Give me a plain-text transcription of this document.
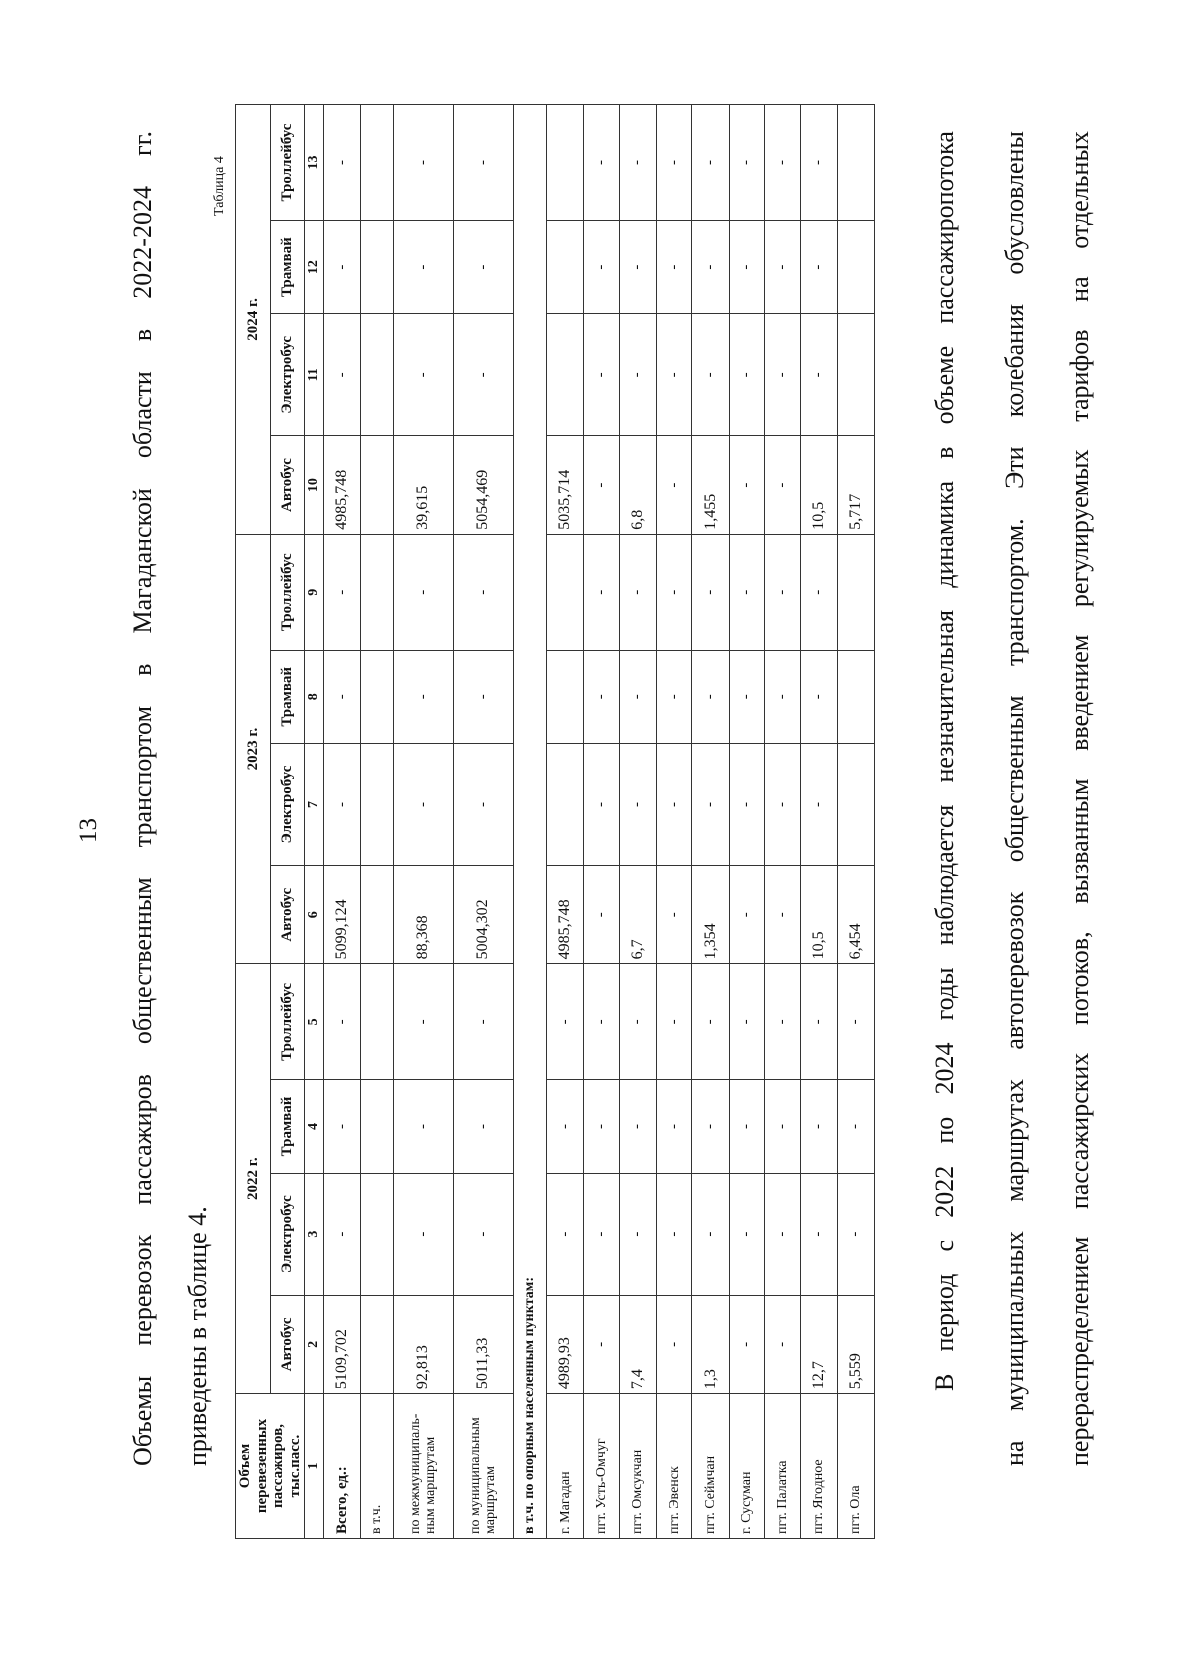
13
Объемы
перевозок
пассажиров
общественным
транспортом
в
Магаданской
области
в
2022-2024
гг.
приведены в таблице 4.
Таблица 4
Объем перевезенных пассажиров, тыс.пасс.	2022 г.				2023 г.				2024 г.			
	Автобус	Электробус	Трамвай	Троллейбус	Автобус	Электробус	Трамвай	Троллейбус	Автобус	Электробус	Трамвай	Троллейбус
1	2	3	4	5	6	7	8	9	10	11	12	13
Всего, ед.:	5109,702	-	-	-	5099,124	-	-	-	4985,748	-	-	-
в т.ч.												
по межмуниципаль-ным маршрутам	92,813	-	-	-	88,368	-	-	-	39,615	-	-	-
по муниципальным маршрутам	5011,33	-	-	-	5004,302	-	-	-	5054,469	-	-	-
в т.ч. по опорным населенным пунктам:												
г. Магадан	4989,93	-	-	-	4985,748				5035,714			
пгт. Усть-Омчуг	-	-	-	-	-	-	-	-	-	-	-	-
пгт. Омсукчан	7,4	-	-	-	6,7	-	-	-	6,8	-	-	-
пгт. Эвенск	-	-	-	-	-	-	-	-	-	-	-	-
пгт. Сеймчан	1,3	-	-	-	1,354	-	-	-	1,455	-	-	-
г. Сусуман	-	-	-	-	-	-	-	-	-	-	-	-
пгт. Палатка	-	-	-	-	-	-	-	-	-	-	-	-
пгт. Ягодное	12,7	-	-	-	10,5	-	-	-	10,5	-	-	-
пгт. Ола	5,559	-	-	-	6,454				5,717			
В
период
с
2022
по
2024
годы
наблюдается
незначительная
динамика
в
объеме
пассажиропотока
на
муниципальных
маршрутах
автоперевозок
общественным
транспортом.
Эти
колебания
обусловлены
перераспределением
пассажирских
потоков,
вызванным
введением
регулируемых
тарифов
на
отдельных
